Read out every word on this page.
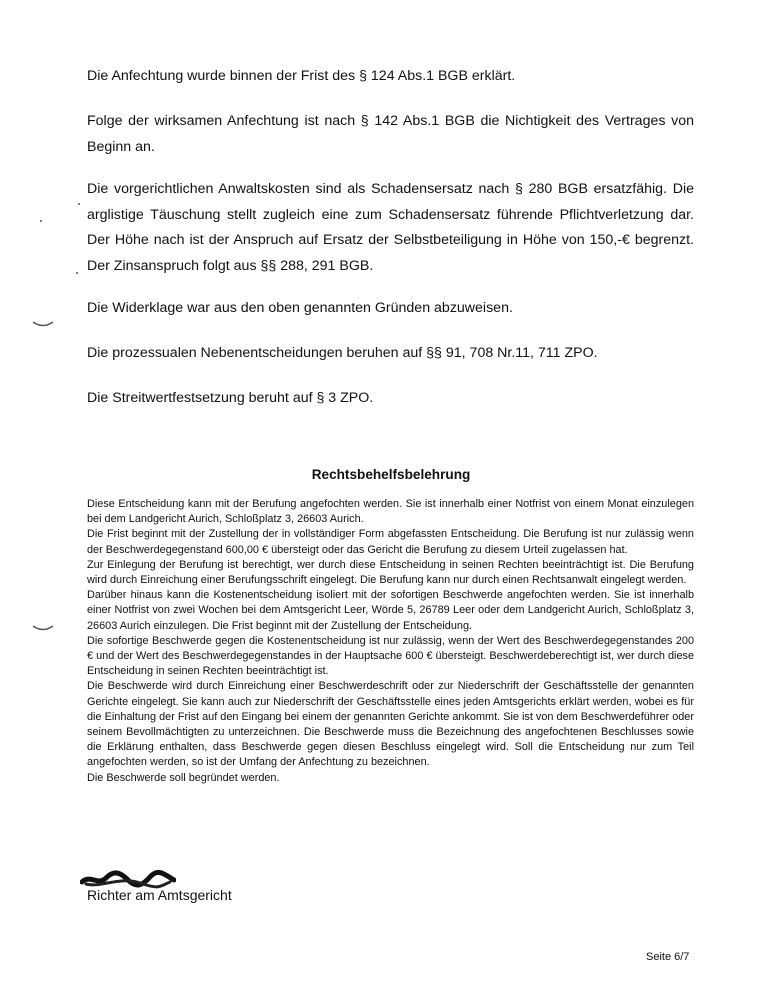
Die Anfechtung wurde binnen der Frist des § 124 Abs.1 BGB erklärt.

Folge der wirksamen Anfechtung ist nach § 142 Abs.1 BGB die Nichtigkeit des Vertrages von Beginn an.

Die vorgerichtlichen Anwaltskosten sind als Schadensersatz nach § 280 BGB ersatzfähig. Die arglistige Täuschung stellt zugleich eine zum Schadensersatz führende Pflichtverletzung dar. Der Höhe nach ist der Anspruch auf Ersatz der Selbstbeteiligung in Höhe von 150,-€ begrenzt. Der Zinsanspruch folgt aus §§ 288, 291 BGB.

Die Widerklage war aus den oben genannten Gründen abzuweisen.

Die prozessualen Nebenentscheidungen beruhen auf §§ 91, 708 Nr.11, 711 ZPO.

Die Streitwertfestsetzung beruht auf § 3 ZPO.

Rechtsbehelfsbelehrung
Diese Entscheidung kann mit der Berufung angefochten werden. Sie ist innerhalb einer Notfrist von einem Monat einzulegen bei dem Landgericht Aurich, Schloßplatz 3, 26603 Aurich.
Die Frist beginnt mit der Zustellung der in vollständiger Form abgefassten Entscheidung. Die Berufung ist nur zulässig wenn der Beschwerdegegenstand 600,00 € übersteigt oder das Gericht die Berufung zu diesem Urteil zugelassen hat.
Zur Einlegung der Berufung ist berechtigt, wer durch diese Entscheidung in seinen Rechten beeinträchtigt ist. Die Berufung wird durch Einreichung einer Berufungsschrift eingelegt. Die Berufung kann nur durch einen Rechtsanwalt eingelegt werden.
Darüber hinaus kann die Kostenentscheidung isoliert mit der sofortigen Beschwerde angefochten werden. Sie ist innerhalb einer Notfrist von zwei Wochen bei dem Amtsgericht Leer, Wörde 5, 26789 Leer oder dem Landgericht Aurich, Schloßplatz 3, 26603 Aurich einzulegen. Die Frist beginnt mit der Zustellung der Entscheidung.
Die sofortige Beschwerde gegen die Kostenentscheidung ist nur zulässig, wenn der Wert des Beschwerdegegenstandes 200 € und der Wert des Beschwerdegegenstandes in der Hauptsache 600 € übersteigt. Beschwerdeberechtigt ist, wer durch diese Entscheidung in seinen Rechten beeinträchtigt ist.
Die Beschwerde wird durch Einreichung einer Beschwerdeschrift oder zur Niederschrift der Geschäftsstelle der genannten Gerichte eingelegt. Sie kann auch zur Niederschrift der Geschäftsstelle eines jeden Amtsgerichts erklärt werden, wobei es für die Einhaltung der Frist auf den Eingang bei einem der genannten Gerichte ankommt. Sie ist von dem Beschwerdeführer oder seinem Bevollmächtigten zu unterzeichnen. Die Beschwerde muss die Bezeichnung des angefochtenen Beschlusses sowie die Erklärung enthalten, dass Beschwerde gegen diesen Beschluss eingelegt wird. Soll die Entscheidung nur zum Teil angefochten werden, so ist der Umfang der Anfechtung zu bezeichnen.
Die Beschwerde soll begründet werden.

Richter am Amtsgericht

Seite 6/7
